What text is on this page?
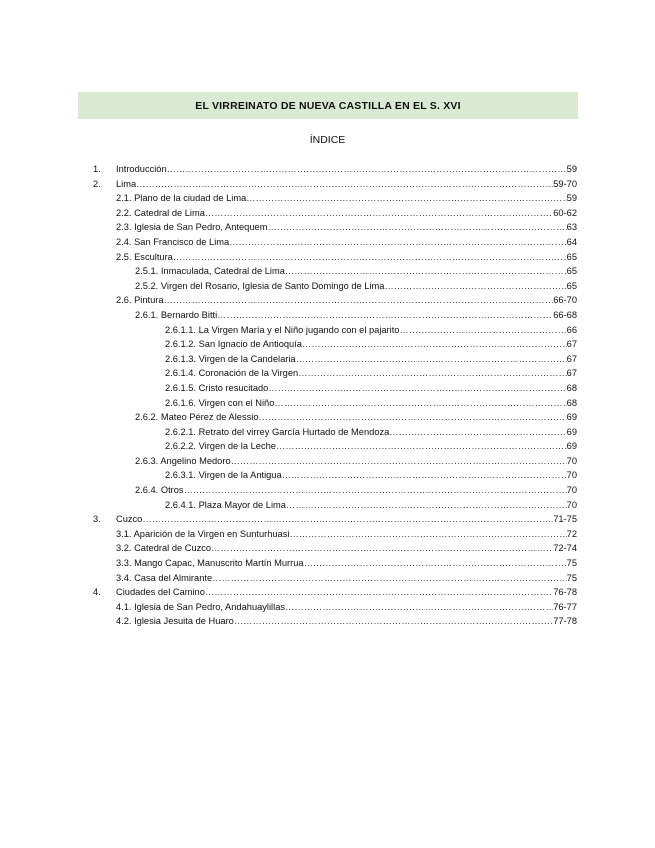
EL VIRREINATO DE NUEVA CASTILLA EN EL S. XVI
ÍNDICE
1.	Introducción ………………………………………………………………………………………………………………………………………………………………………………………	59
2.	Lima ………………………………………………………………………………………………………………………………………………………………………………………	59-70
2.1. Plano de la ciudad de Lima ………………………………………………………………………………………………………………………………………………………………………………………	59
2.2. Catedral de Lima ………………………………………………………………………………………………………………………………………………………………………………………	60-62
2.3. Iglesia de San Pedro, Antequem ………………………………………………………………………………………………………………………………………………………………………………………	63
2.4. San Francisco de Lima ………………………………………………………………………………………………………………………………………………………………………………………	64
2.5. Escultura ………………………………………………………………………………………………………………………………………………………………………………………	65
2.5.1. Inmaculada, Catedral de Lima ………………………………………………………………………………………………………………………………………………………………………………………	65
2.5.2. Virgen del Rosario, Iglesia de Santo Domingo de Lima ………………………………………………………………………………………………………………………………………………………………………………………	65
2.6. Pintura ………………………………………………………………………………………………………………………………………………………………………………………	66-70
2.6.1. Bernardo Bitti ………………………………………………………………………………………………………………………………………………………………………………………	66-68
2.6.1.1. La Virgen María y el Niño jugando con el pajarito ………………………………………………………………………………………………………………………………………………………………………………………	66
2.6.1.2. San Ignacio de Antioquía ………………………………………………………………………………………………………………………………………………………………………………………	67
2.6.1.3. Virgen de la Candelaria ………………………………………………………………………………………………………………………………………………………………………………………	67
2.6.1.4. Coronación de la Virgen ………………………………………………………………………………………………………………………………………………………………………………………	67
2.6.1.5. Cristo resucitado ………………………………………………………………………………………………………………………………………………………………………………………	68
2.6.1.6. Virgen con el Niño ………………………………………………………………………………………………………………………………………………………………………………………	68
2.6.2. Mateo Pérez de Alessio ………………………………………………………………………………………………………………………………………………………………………………………	69
2.6.2.1. Retrato del virrey García Hurtado de Mendoza ………………………………………………………………………………………………………………………………………………………………………………………	69
2.6.2.2. Virgen de la Leche ………………………………………………………………………………………………………………………………………………………………………………………	69
2.6.3. Angelino Medoro ………………………………………………………………………………………………………………………………………………………………………………………	70
2.6.3.1. Virgen de la Antigua ………………………………………………………………………………………………………………………………………………………………………………………	70
2.6.4. Otros ………………………………………………………………………………………………………………………………………………………………………………………	70
2.6.4.1. Plaza Mayor de Lima ………………………………………………………………………………………………………………………………………………………………………………………	70
3.	Cuzco ………………………………………………………………………………………………………………………………………………………………………………………	71-75
3.1. Aparición de la Virgen en Sunturhuasi ………………………………………………………………………………………………………………………………………………………………………………………	72
3.2. Catedral de Cuzco ………………………………………………………………………………………………………………………………………………………………………………………	72-74
3.3. Mango Capac, Manuscrito Martín Murrua ………………………………………………………………………………………………………………………………………………………………………………………	75
3.4. Casa del Almirante ………………………………………………………………………………………………………………………………………………………………………………………	75
4.	Ciudades del Camino ………………………………………………………………………………………………………………………………………………………………………………………	76-78
4.1. Iglesia de San Pedro, Andahuaylillas ………………………………………………………………………………………………………………………………………………………………………………………	76-77
4.2. Iglesia Jesuita de Huaro ………………………………………………………………………………………………………………………………………………………………………………………	77-78
